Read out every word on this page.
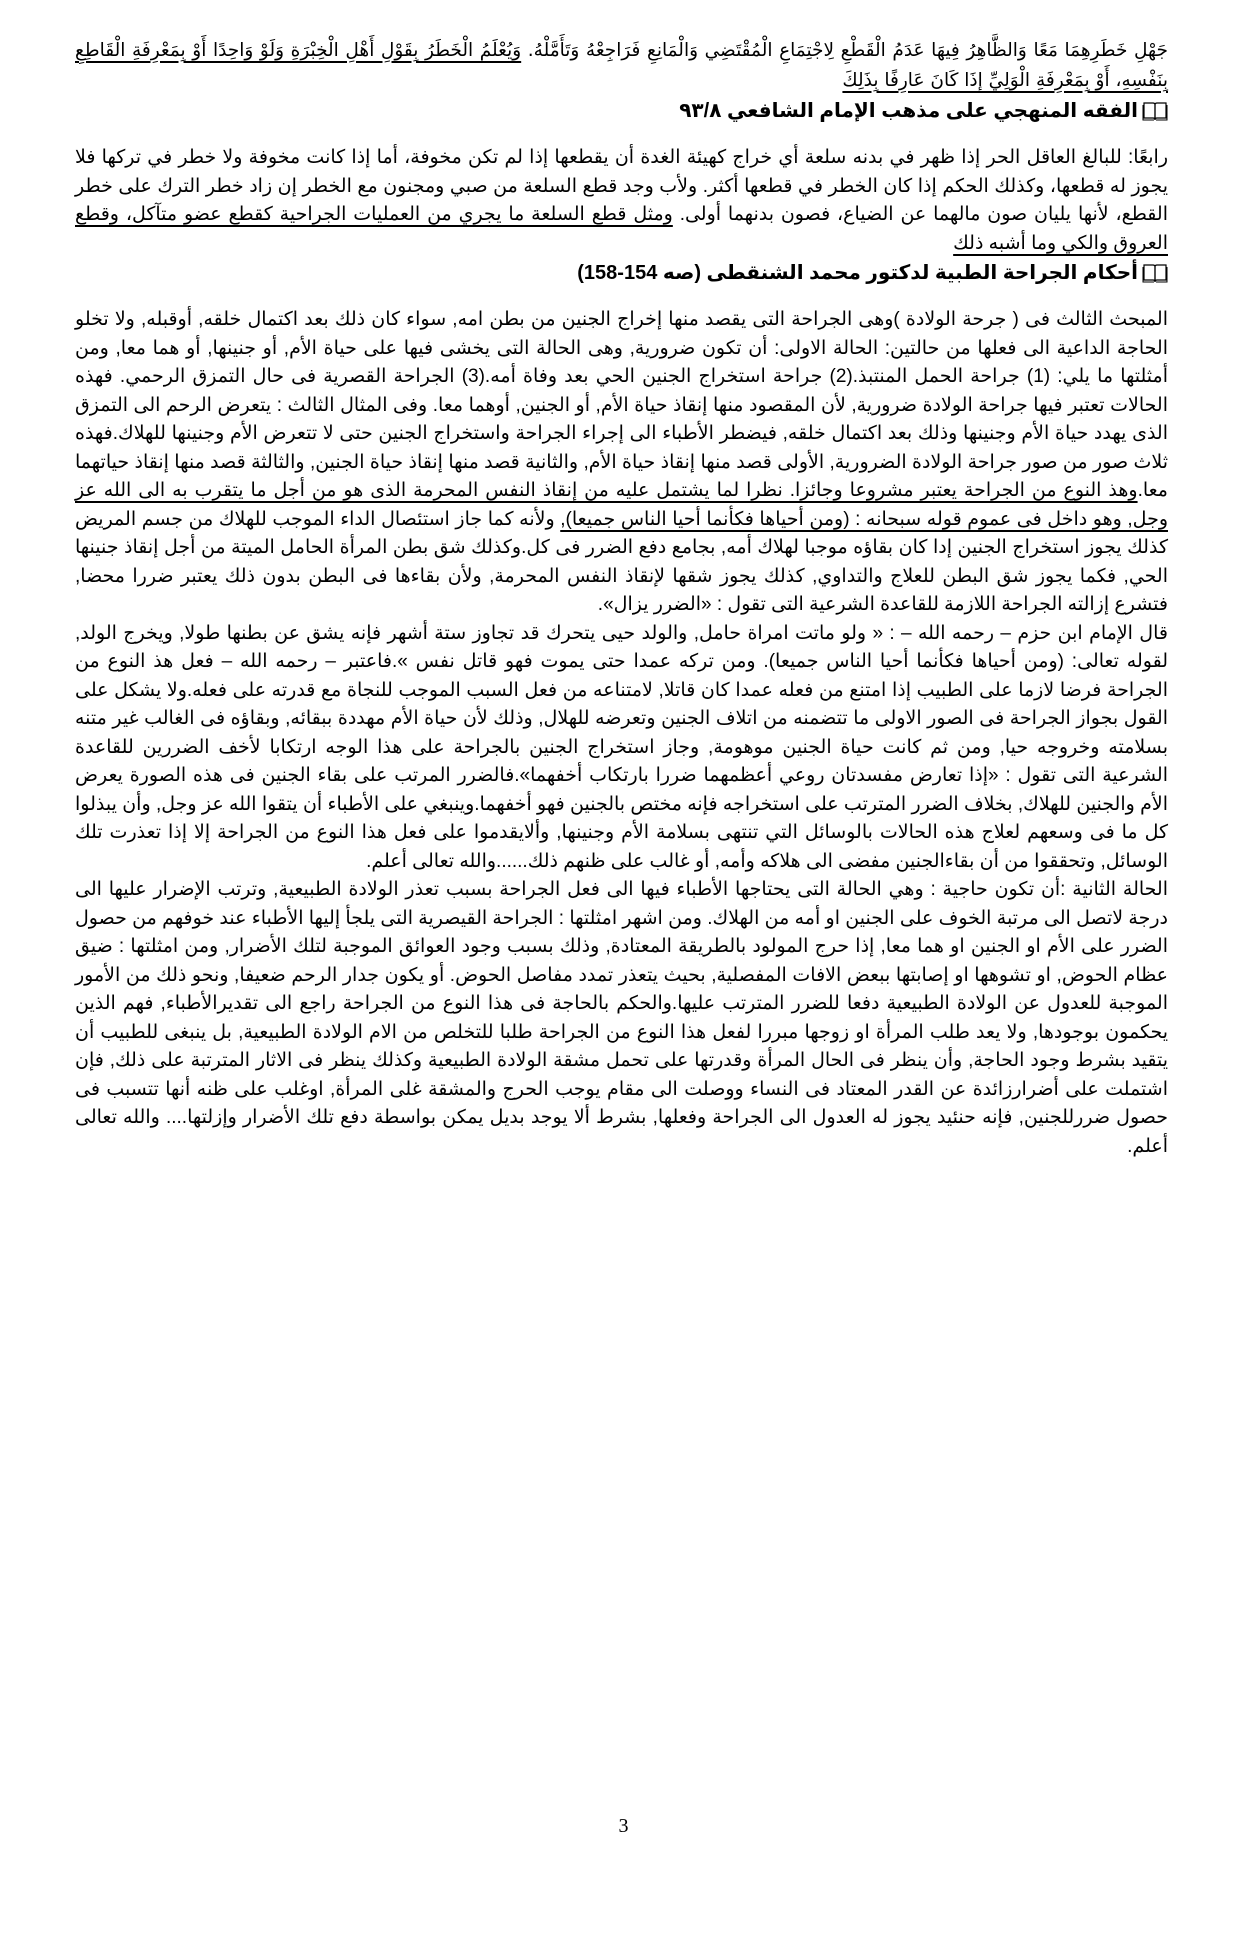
جَهْلِ خَطَرِهِمَا مَعًا وَالظَّاهِرُ فِيهَا عَدَمُ الْقَطْعِ لِاجْتِمَاعِ الْمُقْتَضِي وَالْمَانِعِ فَرَاجِعْهُ وَتَأَمَّلْهُ. وَيُعْلَمُ الْخَطَرُ بِقَوْلِ أَهْلِ الْخِبْرَةِ وَلَوْ وَاحِدًا أَوْ بِمَعْرِفَةِ الْقَاطِعِ بِنَفْسِهِ، أَوْ بِمَعْرِفَةِ الْوَلِيِّ إذَا كَانَ عَارِفًا بِذَلِكَ

الفقه المنهجي على مذهب الإمام الشافعي ٩٣/٨

رابعًا: للبالغ العاقل الحر إذا ظهر في بدنه سلعة أي خراج كهيئة الغدة أن يقطعها إذا لم تكن مخوفة، أما إذا كانت مخوفة ولا خطر في تركها فلا يجوز له قطعها، وكذلك الحكم إذا كان الخطر في قطعها أكثر. ولأب وجد قطع السلعة من صبي ومجنون مع الخطر إن زاد خطر الترك على خطر القطع، لأنها يليان صون مالهما عن الضياع، فصون بدنهما أولى. ومثل قطع السلعة ما يجري من العمليات الجراحية كقطع عضو متآكل، وقطع العروق والكي وما أشبه ذلك

أحكام الجراحة الطبية لدكتور محمد الشنقطى (صه 154-158)

المبحث الثالث فى ( جرحة الولادة )وهى الجراحة التى يقصد منها إخراج الجنين من بطن امه, سواء كان ذلك بعد اكتمال خلقه, أوقبله, ولا تخلو الحاجة الداعية الى فعلها من حالتين: الحالة الاولى: أن تكون ضرورية, وهى الحالة التى يخشى فيها على حياة الأم, أو جنينها, أو هما معا, ومن أمثلتها ما يلي: (1) جراحة الحمل المنتبذ.(2) جراحة استخراج الجنين الحي بعد وفاة أمه.(3) الجراحة القصرية فى حال التمزق الرحمي. فهذه الحالات تعتبر فيها جراحة الولادة ضرورية, لأن المقصود منها إنقاذ حياة الأم, أو الجنين, أوهما معا. وفى المثال الثالث : يتعرض الرحم الى التمزق الذى يهدد حياة الأم وجنينها وذلك بعد اكتمال خلقه, فيضطر الأطباء الى إجراء الجراحة واستخراج الجنين حتى لا تتعرض الأم وجنينها للهلاك.فهذه ثلاث صور من صور جراحة الولادة الضرورية, الأولى قصد منها إنقاذ حياة الأم, والثانية قصد منها إنقاذ حياة الجنين, والثالثة قصد منها إنقاذ حياتهما معا.وهذ النوع من الجراحة يعتبر مشروعا وجائزا. نظرا لما يشتمل عليه من إنقاذ النفس المحرمة الذى هو من أجل ما يتقرب به الى الله عز وجل, وهو داخل فى عموم قوله سبحانه : (ومن أحياها فكأنما أحيا الناس جميعا), ولأنه كما جاز استئصال الداء الموجب للهلاك من جسم المريض كذلك يجوز استخراج الجنين إدا كان بقاؤه موجبا لهلاك أمه, بجامع دفع الضرر فى كل.وكذلك شق بطن المرأة الحامل الميتة من أجل إنقاذ جنينها الحي, فكما يجوز شق البطن للعلاج والتداوي, كذلك يجوز شقها لإنقاذ النفس المحرمة, ولأن بقاءها فى البطن بدون ذلك يعتبر ضررا محضا, فتشرع إزالته الجراحة اللازمة للقاعدة الشرعية التى تقول : «الضرر يزال».

قال الإمام ابن حزم – رحمه الله – : « ولو ماتت امراة حامل, والولد حيى يتحرك قد تجاوز ستة أشهر فإنه يشق عن بطنها طولا, ويخرج الولد, لقوله تعالى: (ومن أحياها فكأنما أحيا الناس جميعا). ومن تركه عمدا حتى يموت فهو قاتل نفس ».فاعتبر – رحمه الله – فعل هذ النوع من الجراحة فرضا لازما على الطبيب إذا امتنع من فعله عمدا كان قاتلا, لامتناعه من فعل السبب الموجب للنجاة مع قدرته على فعله.ولا يشكل على القول بجواز الجراحة فى الصور الاولى ما تتضمنه من اتلاف الجنين وتعرضه للهلال, وذلك لأن حياة الأم مهددة ببقائه, وبقاؤه فى الغالب غير متنه بسلامته وخروجه حيا, ومن ثم كانت حياة الجنين موهومة, وجاز استخراج الجنين بالجراحة على هذا الوجه ارتكابا لأخف الضررين للقاعدة الشرعية التى تقول : «إذا تعارض مفسدتان روعي أعظمهما ضررا بارتكاب أخفهما».فالضرر المرتب على بقاء الجنين فى هذه الصورة يعرض الأم والجنين للهلاك, بخلاف الضرر المترتب على استخراجه فإنه مختص بالجنين فهو أخفهما.وينبغي على الأطباء أن يتقوا الله عز وجل, وأن يبذلوا كل ما فى وسعهم لعلاج هذه الحالات بالوسائل التي تنتهى بسلامة الأم وجنينها, وألايقدموا على فعل هذا النوع من الجراحة إلا إذا تعذرت تلك الوسائل, وتحققوا من أن بقاءالجنين مفضى الى هلاكه وأمه, أو غالب على ظنهم ذلك......والله تعالى أعلم.

الحالة الثانية :أن تكون حاجية : وهي الحالة التى يحتاجها الأطباء فيها الى فعل الجراحة بسبب تعذر الولادة الطبيعية, وترتب الإضرار عليها الى درجة لاتصل الى مرتبة الخوف على الجنين او أمه من الهلاك. ومن اشهر امثلتها : الجراحة القيصرية التى يلجأ إليها الأطباء عند خوفهم من حصول الضرر على الأم او الجنين او هما معا, إذا حرج المولود بالطريقة المعتادة, وذلك بسبب وجود العوائق الموجبة لتلك الأضرار, ومن امثلتها : ضيق عظام الحوض, او تشوهها او إصابتها ببعض الافات المفصلية, بحيث يتعذر تمدد مفاصل الحوض. أو يكون جدار الرحم ضعيفا, ونحو ذلك من الأمور الموجبة للعدول عن الولادة الطبيعية دفعا للضرر المترتب عليها.والحكم بالحاجة فى هذا النوع من الجراحة راجع الى تقديرالأطباء, فهم الذين يحكمون بوجودها, ولا يعد طلب المرأة او زوجها مبررا لفعل هذا النوع من الجراحة طلبا للتخلص من الام الولادة الطبيعية, بل ينبغى للطبيب أن يتقيد بشرط وجود الحاجة, وأن ينظر فى الحال المرأة وقدرتها على تحمل مشقة الولادة الطبيعية وكذلك ينظر فى الاثار المترتبة على ذلك, فإن اشتملت على أضرارزائدة عن القدر المعتاد فى النساء ووصلت الى مقام يوجب الحرج والمشقة غلى المرأة, اوغلب على ظنه أنها تتسبب فى حصول ضررللجنين, فإنه حنئيد يجوز له العدول الى الجراحة وفعلها, بشرط ألا يوجد بديل يمكن بواسطة دفع تلك الأضرار وإزلتها.... والله تعالى أعلم.

3
